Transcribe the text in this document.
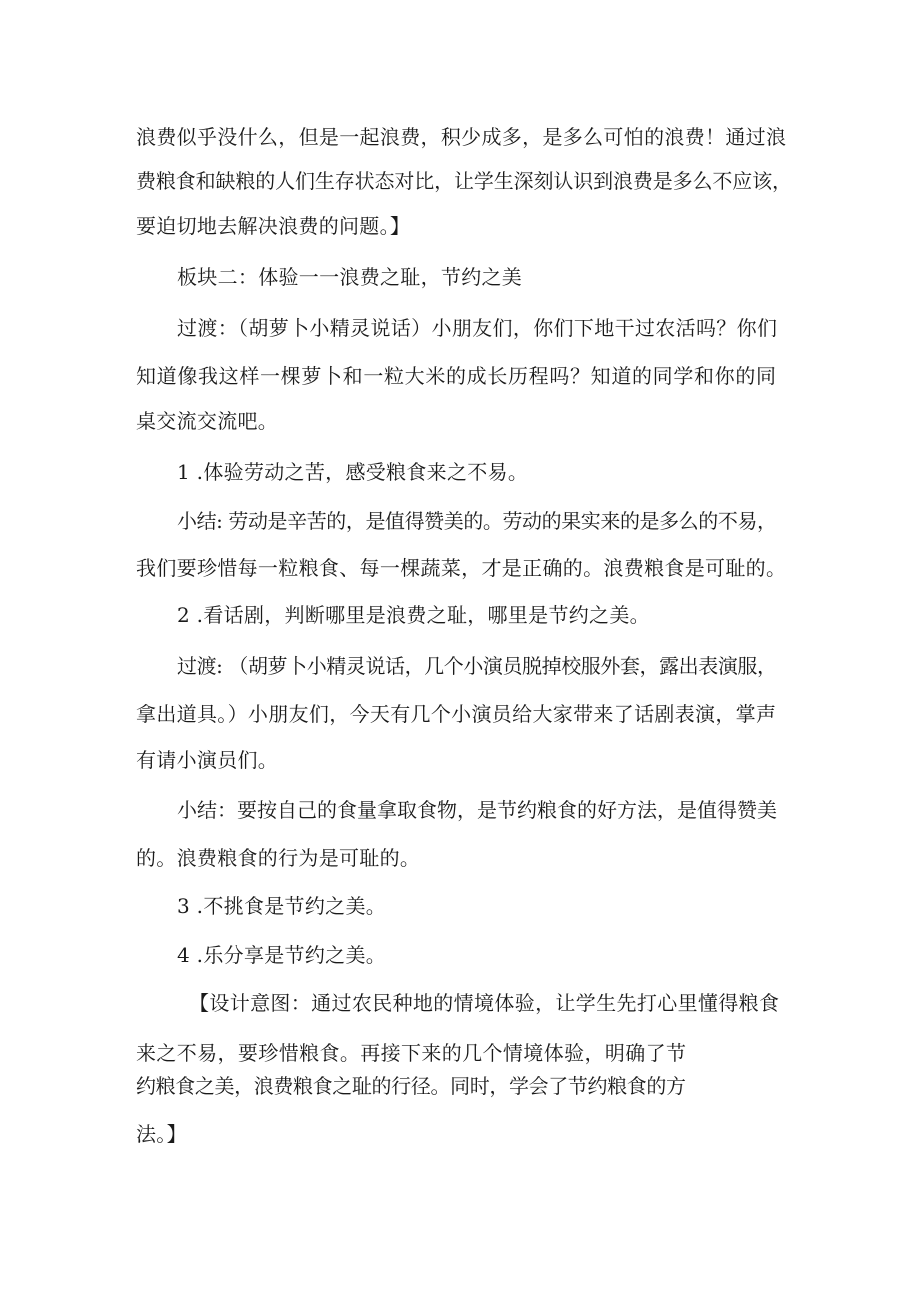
浪费似乎没什么，但是一起浪费，积少成多，是多么可怕的浪费！通过浪
费粮食和缺粮的人们生存状态对比，让学生深刻认识到浪费是多么不应该，
要迫切地去解决浪费的问题。】
板块二：体验一一浪费之耻，节约之美
过渡：（胡萝卜小精灵说话）小朋友们，你们下地干过农活吗？你们
知道像我这样一棵萝卜和一粒大米的成长历程吗？知道的同学和你的同
桌交流交流吧。
1 .体验劳动之苦，感受粮食来之不易。
小结: 劳动是辛苦的，是值得赞美的。劳动的果实来的是多么的不易，
我们要珍惜每一粒粮食、每一棵蔬菜，才是正确的。浪费粮食是可耻的。
2 .看话剧，判断哪里是浪费之耻，哪里是节约之美。
过渡: （胡萝卜小精灵说话，几个小演员脱掉校服外套，露出表演服，
拿出道具。）小朋友们，今天有几个小演员给大家带来了话剧表演，掌声
有请小演员们。
小结：要按自己的食量拿取食物，是节约粮食的好方法，是值得赞美
的。浪费粮食的行为是可耻的。
3 .不挑食是节约之美。
4 .乐分享是节约之美。
【设计意图：通过农民种地的情境体验，让学生先打心里懂得粮食
来之不易，要珍惜粮食。再接下来的几个情境体验，明确了节
约粮食之美，浪费粮食之耻的行径。同时，学会了节约粮食的方
法。】
